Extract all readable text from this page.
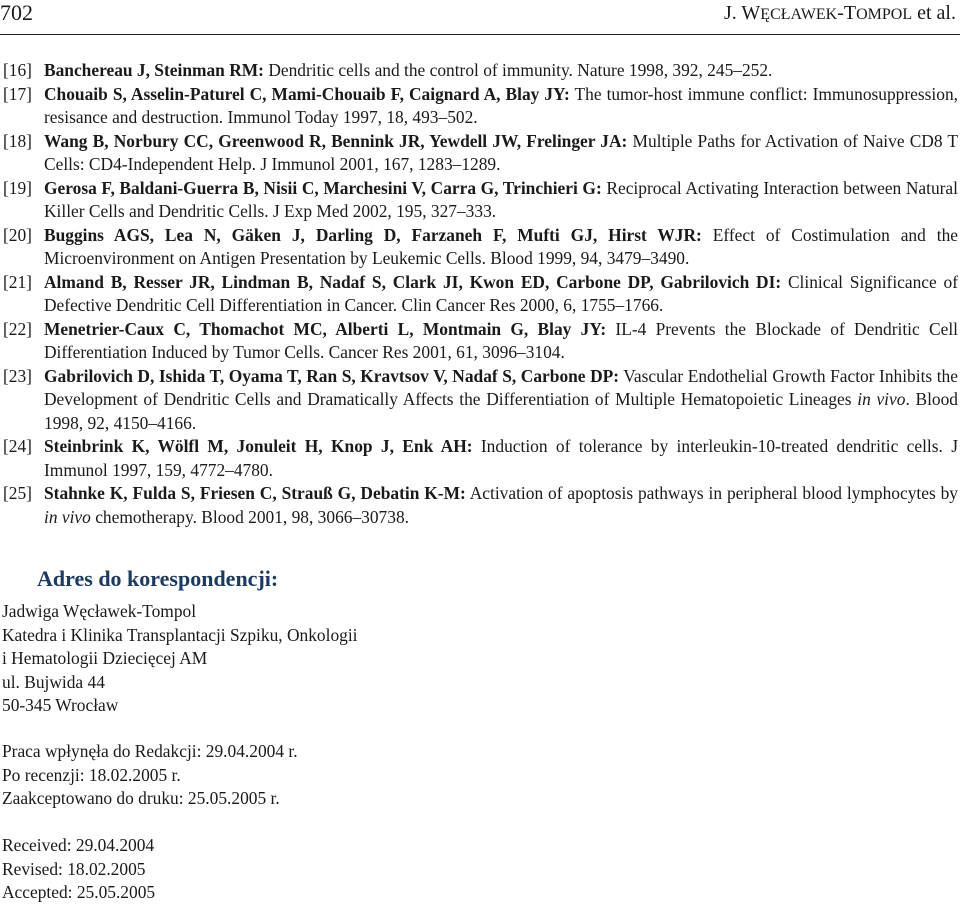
702	J. WĘCŁAWEK-TOMPOL et al.
[16] Banchereau J, Steinman RM: Dendritic cells and the control of immunity. Nature 1998, 392, 245–252.
[17] Chouaib S, Asselin-Paturel C, Mami-Chouaib F, Caignard A, Blay JY: The tumor-host immune conflict: Immunosuppression, resisance and destruction. Immunol Today 1997, 18, 493–502.
[18] Wang B, Norbury CC, Greenwood R, Bennink JR, Yewdell JW, Frelinger JA: Multiple Paths for Activation of Naive CD8 T Cells: CD4-Independent Help. J Immunol 2001, 167, 1283–1289.
[19] Gerosa F, Baldani-Guerra B, Nisii C, Marchesini V, Carra G, Trinchieri G: Reciprocal Activating Interaction between Natural Killer Cells and Dendritic Cells. J Exp Med 2002, 195, 327–333.
[20] Buggins AGS, Lea N, Gäken J, Darling D, Farzaneh F, Mufti GJ, Hirst WJR: Effect of Costimulation and the Microenvironment on Antigen Presentation by Leukemic Cells. Blood 1999, 94, 3479–3490.
[21] Almand B, Resser JR, Lindman B, Nadaf S, Clark JI, Kwon ED, Carbone DP, Gabrilovich DI: Clinical Significance of Defective Dendritic Cell Differentiation in Cancer. Clin Cancer Res 2000, 6, 1755–1766.
[22] Menetrier-Caux C, Thomachot MC, Alberti L, Montmain G, Blay JY: IL-4 Prevents the Blockade of Dendritic Cell Differentiation Induced by Tumor Cells. Cancer Res 2001, 61, 3096–3104.
[23] Gabrilovich D, Ishida T, Oyama T, Ran S, Kravtsov V, Nadaf S, Carbone DP: Vascular Endothelial Growth Factor Inhibits the Development of Dendritic Cells and Dramatically Affects the Differentiation of Multiple Hematopoietic Lineages in vivo. Blood 1998, 92, 4150–4166.
[24] Steinbrink K, Wölfl M, Jonuleit H, Knop J, Enk AH: Induction of tolerance by interleukin-10-treated dendritic cells. J Immunol 1997, 159, 4772–4780.
[25] Stahnke K, Fulda S, Friesen C, Strauß G, Debatin K-M: Activation of apoptosis pathways in peripheral blood lymphocytes by in vivo chemotherapy. Blood 2001, 98, 3066–30738.
Adres do korespondencji:
Jadwiga Węcławek-Tompol
Katedra i Klinika Transplantacji Szpiku, Onkologii
i Hematologii Dziecięcej AM
ul. Bujwida 44
50-345 Wrocław
Praca wpłynęła do Redakcji: 29.04.2004 r.
Po recenzji: 18.02.2005 r.
Zaakceptowano do druku: 25.05.2005 r.
Received: 29.04.2004
Revised: 18.02.2005
Accepted: 25.05.2005
